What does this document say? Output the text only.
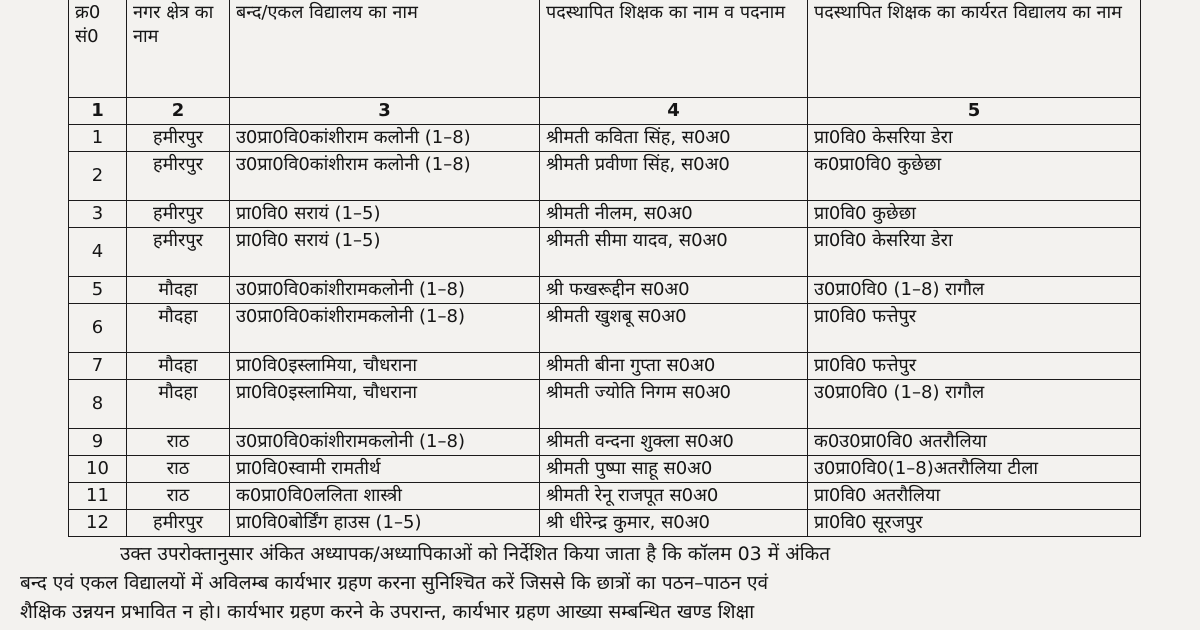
क्र0 सं0	नगर क्षेत्र का नाम	बन्द/एकल विद्यालय का नाम	पदस्थापित शिक्षक का नाम व पदनाम	पदस्थापित शिक्षक का कार्यरत विद्यालय का नाम
1	2	3	4	5
1	हमीरपुर	उ0प्रा0वि0कांशीराम कलोनी (1–8)	श्रीमती कविता सिंह, स0अ0	प्रा0वि0 केसरिया डेरा
2	हमीरपुर	उ0प्रा0वि0कांशीराम कलोनी (1–8)	श्रीमती प्रवीणा सिंह, स0अ0	क0प्रा0वि0 कुछेछा
3	हमीरपुर	प्रा0वि0 सरायं (1–5)	श्रीमती नीलम, स0अ0	प्रा0वि0 कुछेछा
4	हमीरपुर	प्रा0वि0 सरायं (1–5)	श्रीमती सीमा यादव, स0अ0	प्रा0वि0 केसरिया डेरा
5	मौदहा	उ0प्रा0वि0कांशीरामकलोनी (1–8)	श्री फखरूद्दीन स0अ0	उ0प्रा0वि0 (1–8) रागौल
6	मौदहा	उ0प्रा0वि0कांशीरामकलोनी (1–8)	श्रीमती खुशबू स0अ0	प्रा0वि0 फत्तेपुर
7	मौदहा	प्रा0वि0इस्लामिया, चौधराना	श्रीमती बीना गुप्ता स0अ0	प्रा0वि0 फत्तेपुर
8	मौदहा	प्रा0वि0इस्लामिया, चौधराना	श्रीमती ज्योति निगम स0अ0	उ0प्रा0वि0 (1–8) रागौल
9	राठ	उ0प्रा0वि0कांशीरामकलोनी (1–8)	श्रीमती वन्दना शुक्ला स0अ0	क0उ0प्रा0वि0 अतरौलिया
10	राठ	प्रा0वि0स्वामी रामतीर्थ	श्रीमती पुष्पा साहू स0अ0	उ0प्रा0वि0(1–8)अतरौलिया टीला
11	राठ	क0प्रा0वि0ललिता शास्त्री	श्रीमती रेनू राजपूत स0अ0	प्रा0वि0 अतरौलिया
12	हमीरपुर	प्रा0वि0बोर्डिंग हाउस (1–5)	श्री धीरेन्द्र कुमार, स0अ0	प्रा0वि0 सूरजपुर

उक्त उपरोक्तानुसार अंकित अध्यापक/अध्यापिकाओं को निर्देशित किया जाता है कि कॉलम 03 में अंकित

बन्द एवं एकल विद्यालयों में अविलम्ब कार्यभार ग्रहण करना सुनिश्चित करें जिससे कि छात्रों का पठन–पाठन एवं

शैक्षिक उन्नयन प्रभावित न हो। कार्यभार ग्रहण करने के उपरान्त, कार्यभार ग्रहण आख्या सम्बन्धित खण्ड शिक्षा
